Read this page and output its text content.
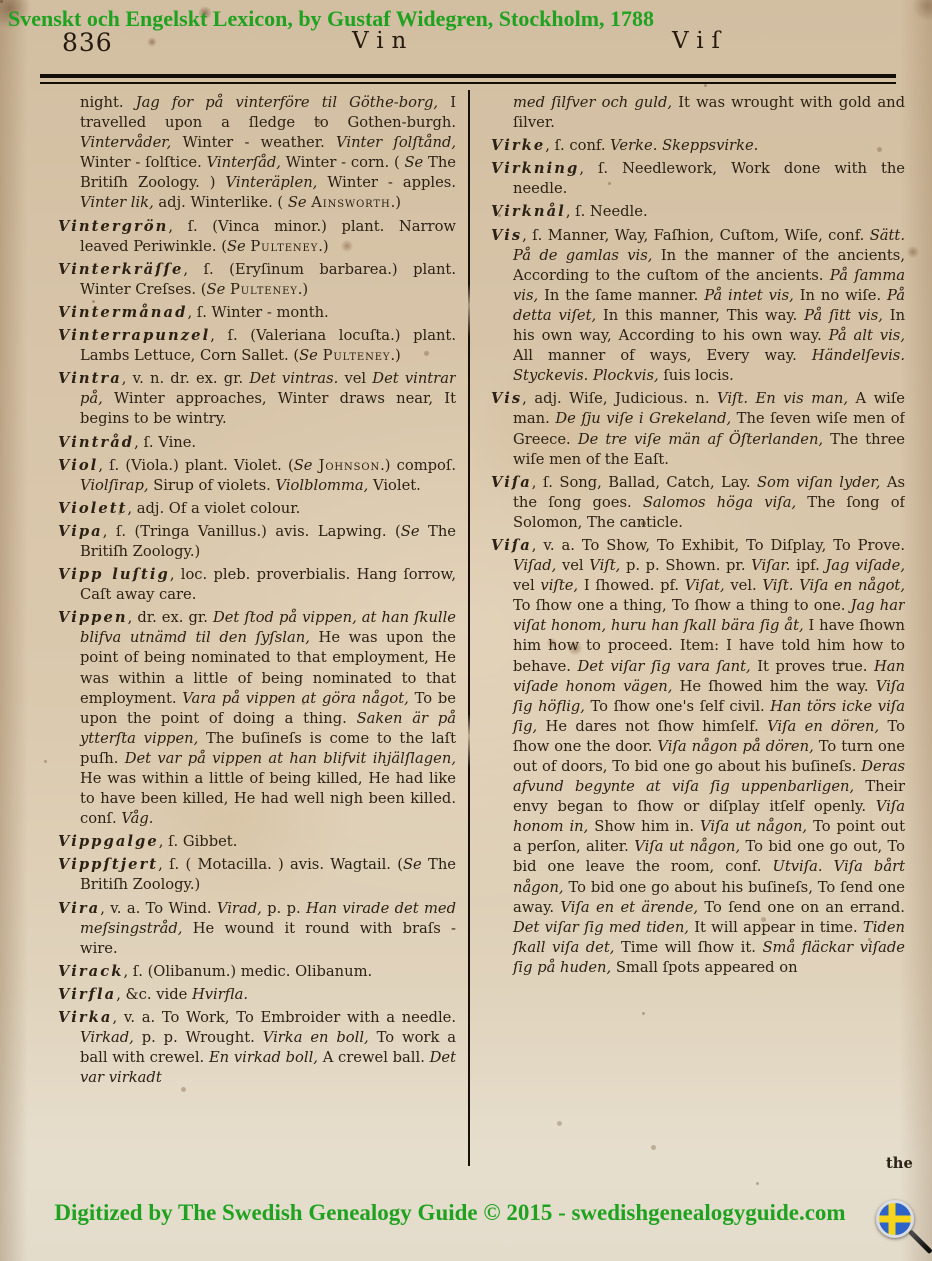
Svenskt och Engelskt Lexicon, by Gustaf Widegren, Stockholm, 1788
836	Vin	Viſ
night. Jag for på vinterföre til Göthe-borg, I travelled upon a ſledge to Gothen-burgh. Vintervåder, Winter - weather. Vinter ſolſtånd, Winter - ſolſtice. Vinterſåd, Winter - corn. ( Se The Britiſh Zoology. ) Vinteräplen, Winter - apples. Vinter lik, adj. Winterlike. ( Se Ainsworth.)
Vintergrön, ſ. (Vinca minor.) plant. Narrow leaved Periwinkle. (Se Pulteney.)
Vinterkräſſe, ſ. (Eryſinum barbarea.) plant. Winter Creſses. (Se Pulteney.)
Vintermånad, ſ. Winter - month.
Vinterrapunzel, ſ. (Valeriana locuſta.) plant. Lambs Lettuce, Corn Sallet. (Se Pulteney.)
Vintra, v. n. dr. ex. gr. Det vintras. vel Det vintrar på, Winter approaches, Winter draws near, It begins to be wintry.
Vintråd, ſ. Vine.
Viol, ſ. (Viola.) plant. Violet. (Se Johnson.) compoſ. Violſirap, Sirup of violets. Violblomma, Violet.
Violett, adj. Of a violet colour.
Vipa, ſ. (Tringa Vanillus.) avis. Lapwing. (Se The Britiſh Zoology.)
Vipp luſtig, loc. pleb. proverbialis. Hang ſorrow, Caſt away care.
Vippen, dr. ex. gr. Det ſtod på vippen, at han ſkulle blifva utnämd til den ſyſslan, He was upon the point of being nominated to that employment, He was within a little of being nominated to that employment. Vara på vippen at göra något, To be upon the point of doing a thing. Saken är på ytterſta vippen, The buſineſs is come to the laſt puſh. Det var på vippen at han blifvit ihjälſlagen, He was within a little of being killed, He had like to have been killed, He had well nigh been killed. conſ. Våg.
Vippgalge, ſ. Gibbet.
Vippſtjert, ſ. ( Motacilla. ) avis. Wagtail. (Se The Britiſh Zoology.)
Vira, v. a. To Wind. Virad, p. p. Han virade det med meſsingstråd, He wound it round with braſs - wire.
Virack, ſ. (Olibanum.) medic. Olibanum.
Virfla, &c. vide Hvirfla.
Virka, v. a. To Work, To Embroider with a needle. Virkad, p. p. Wrought. Virka en boll, To work a ball with crewel. En virkad boll, A crewel ball. Det var virkadt
med ſilfver och guld, It was wrought with gold and ſilver.
Virke, ſ. conf. Verke. Skeppsvirke.
Virkning, ſ. Needlework, Work done with the needle.
Virknål, ſ. Needle.
Vis, ſ. Manner, Way, Faſhion, Cuſtom, Wiſe, conf. Sätt. På de gamlas vis, In the manner of the ancients, According to the cuſtom of the ancients. På ſamma vis, In the ſame manner. På intet vis, In no wiſe. På detta viſet, In this manner, This way. På ſitt vis, In his own way, According to his own way. På alt vis, All manner of ways, Every way. Händelſevis. Styckevis. Plockvis, ſuis locis.
Vis, adj. Wiſe, Judicious. n. Viſt. En vis man, A wiſe man. De ſju viſe i Grekeland, The ſeven wiſe men of Greece. De tre viſe män af Öſterlanden, The three wiſe men of the Eaſt.
Viſa, ſ. Song, Ballad, Catch, Lay. Som viſan lyder, As the ſong goes. Salomos höga viſa, The ſong of Solomon, The canticle.
Viſa, v. a. To Show, To Exhibit, To Diſplay, To Prove. Viſad, vel Viſt, p. p. Shown. pr. Viſar. ipf. Jag viſade, vel viſte, I ſhowed. pf. Viſat, vel. Viſt. Viſa en något, To ſhow one a thing, To ſhow a thing to one. Jag har viſat honom, huru han ſkall bära ſig åt, I have ſhown him how to proceed. Item: I have told him how to behave. Det viſar ſig vara ſant, It proves true. Han viſade honom vägen, He ſhowed him the way. Viſa ſig höflig, To ſhow one's ſelf civil. Han törs icke viſa ſig, He dares not ſhow himſelf. Viſa en dören, To ſhow one the door. Viſa någon på dören, To turn one out of doors, To bid one go about his buſineſs. Deras afvund begynte at viſa ſig uppenbarligen, Their envy began to ſhow or diſplay itſelf openly. Viſa honom in, Show him in. Viſa ut någon, To point out a perſon, aliter. Viſa ut någon, To bid one go out, To bid one leave the room, conf. Utviſa. Viſa bårt någon, To bid one go about his buſineſs, To ſend one away. Viſa en et ärende, To ſend one on an errand. Det viſar ſig med tiden, It will appear in time. Tiden ſkall viſa det, Time will ſhow it. Små fläckar viſade ſig på huden, Small ſpots appeared on
the
Digitized by The Swedish Genealogy Guide © 2015 - swedishgenealogyguide.com
